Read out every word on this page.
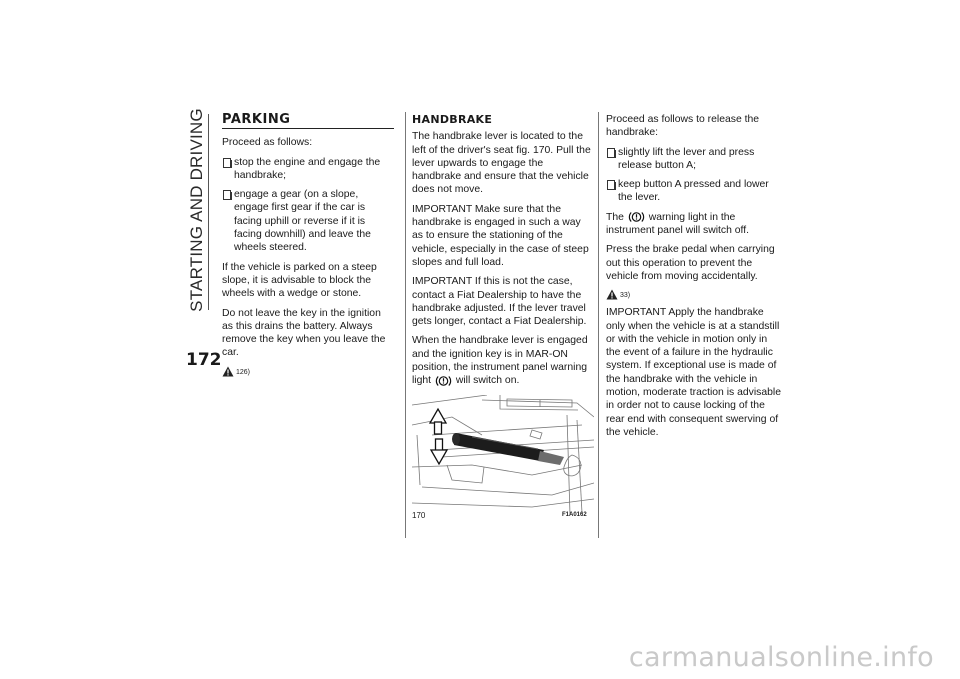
STARTING AND DRIVING
172
PARKING

Proceed as follows:

stop the engine and engage the handbrake;

engage a gear (on a slope, engage first gear if the car is facing uphill or reverse if it is facing downhill) and leave the wheels steered.

If the vehicle is parked on a steep slope, it is advisable to block the wheels with a wedge or stone.

Do not leave the key in the ignition as this drains the battery. Always remove the key when you leave the car.

126)
HANDBRAKE

The handbrake lever is located to the left of the driver's seat fig. 170. Pull the lever upwards to engage the handbrake and ensure that the vehicle does not move.

IMPORTANT Make sure that the handbrake is engaged in such a way as to ensure the stationing of the vehicle, especially in the case of steep slopes and full load.

IMPORTANT If this is not the case, contact a Fiat Dealership to have the handbrake adjusted. If the lever travel gets longer, contact a Fiat Dealership.

When the handbrake lever is engaged and the ignition key is in MAR-ON position, the instrument panel warning light will switch on.

170	F1A0162

Proceed as follows to release the handbrake:

slightly lift the lever and press release button A;

keep button A pressed and lower the lever.

The warning light in the instrument panel will switch off.

Press the brake pedal when carrying out this operation to prevent the vehicle from moving accidentally.

33)

IMPORTANT Apply the handbrake only when the vehicle is at a standstill or with the vehicle in motion only in the event of a failure in the hydraulic system. If exceptional use is made of the handbrake with the vehicle in motion, moderate traction is advisable in order not to cause locking of the rear end with consequent swerving of the vehicle.

carmanualsonline.info
